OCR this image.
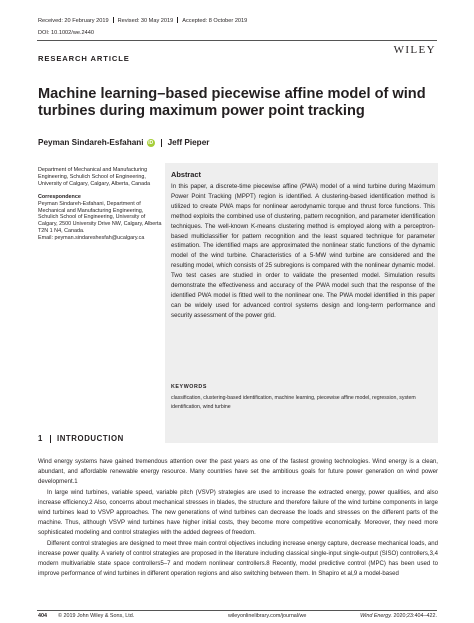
Received: 20 February 2019 Revised: 30 May 2019 Accepted: 8 October 2019
DOI: 10.1002/we.2440
WILEY
RESEARCH ARTICLE
Machine learning–based piecewise affine model of wind turbines during maximum power point tracking
Peyman Sindareh-Esfahani iD Jeff Pieper

Department of Mechanical and Manufacturing Engineering, Schulich School of Engineering, University of Calgary, Calgary, Alberta, Canada

Correspondence
Peyman Sindareh-Esfahani, Department of Mechanical and Manufacturing Engineering, Schulich School of Engineering, University of Calgary, 2500 University Drive NW, Calgary, Alberta T2N 1 N4, Canada.
Email: peyman.sindareshesfah@ucalgary.ca
Abstract
In this paper, a discrete-time piecewise affine (PWA) model of a wind turbine during Maximum Power Point Tracking (MPPT) region is identified. A clustering-based identification method is utilized to create PWA maps for nonlinear aerodynamic torque and thrust force functions. This method exploits the combined use of clustering, pattern recognition, and parameter identification techniques. The well-known K-means clustering method is employed along with a perceptron-based multiclassifier for pattern recognition and the least squared technique for parameter estimation. The identified maps are approximated the nonlinear static functions of the dynamic model of the wind turbine. Characteristics of a 5-MW wind turbine are considered and the resulting model, which consists of 25 subregions is compared with the nonlinear dynamic model. Two test cases are studied in order to validate the presented model. Simulation results demonstrate the effectiveness and accuracy of the PWA model such that the response of the identified PWA model is fitted well to the nonlinear one. The PWA model identified in this paper can be widely used for advanced control systems design and long-term performance and security assessment of the power grid.
KEYWORDS
classification, clustering-based identification, machine learning, piecewise affine model, regression, system identification, wind turbine
1 INTRODUCTION

Wind energy systems have gained tremendous attention over the past years as one of the fastest growing technologies. Wind energy is a clean, abundant, and affordable renewable energy resource. Many countries have set the ambitious goals for future power generation on wind power development.1

In large wind turbines, variable speed, variable pitch (VSVP) strategies are used to increase the extracted energy, power qualities, and also increase efficiency.2 Also, concerns about mechanical stresses in blades, the structure and therefore failure of the wind turbine components in large wind turbines lead to VSVP approaches. The new generations of wind turbines can decrease the loads and stresses on the different parts of the machine. Thus, although VSVP wind turbines have higher initial costs, they become more competitive economically. Moreover, they need more sophisticated modeling and control strategies with the added degrees of freedom.

Different control strategies are designed to meet three main control objectives including increase energy capture, decrease mechanical loads, and increase power quality. A variety of control strategies are proposed in the literature including classical single-input single-output (SISO) controllers,3,4 modern multivariable state space controllers5–7 and modern nonlinear controllers.8 Recently, model predictive control (MPC) has been used to improve performance of wind turbines in different operation regions and also switching between them. In Shapiro et al,9 a model-based

404 © 2019 John Wiley & Sons, Ltd.	wileyonlinelibrary.com/journal/we	Wind Energy. 2020;23:404–422.
